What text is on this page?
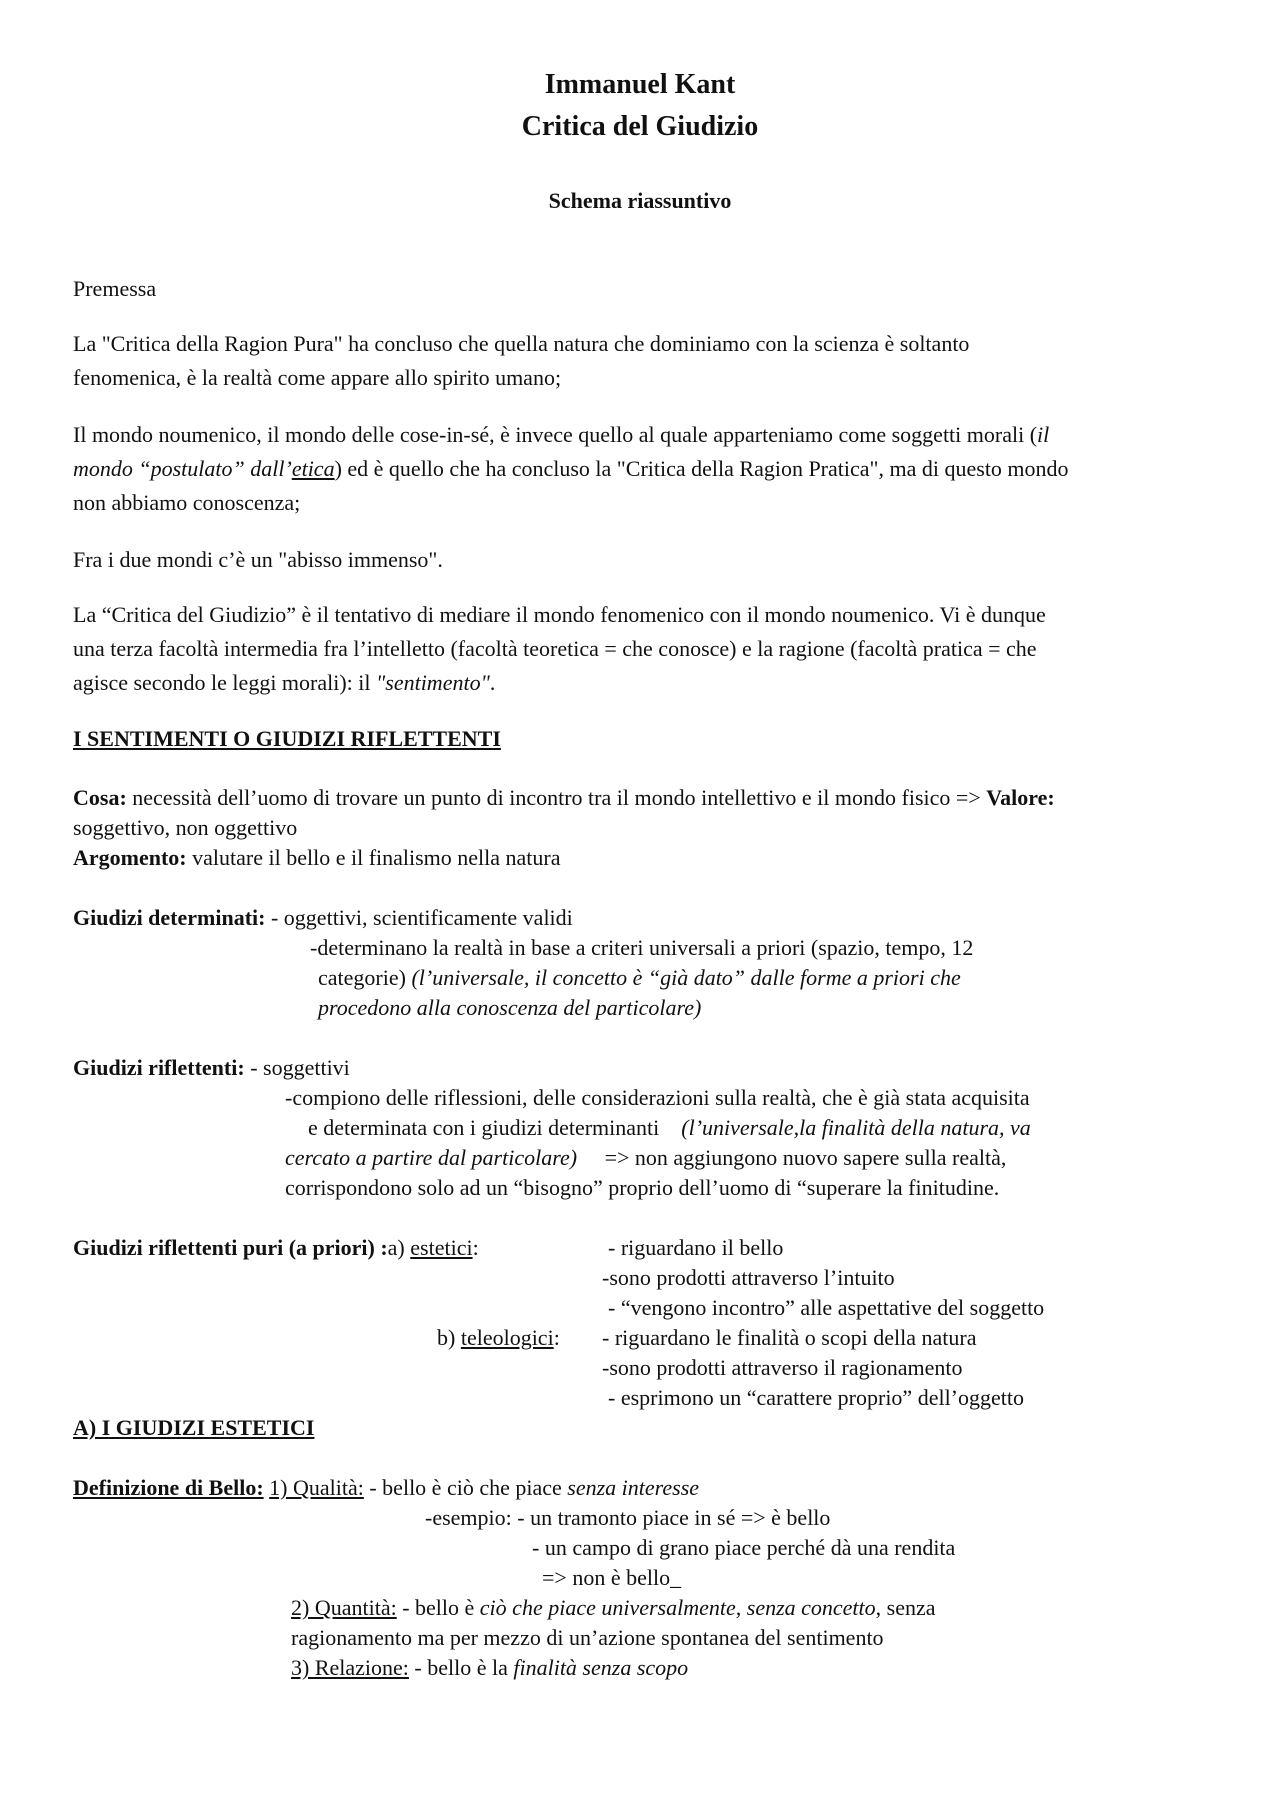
Immanuel Kant
Critica del Giudizio
Schema riassuntivo
Premessa
La "Critica della Ragion Pura" ha concluso che quella natura che dominiamo con la scienza è soltanto
fenomenica, è la realtà come appare allo spirito umano;
Il mondo noumenico, il mondo delle cose-in-sé, è invece quello al quale apparteniamo come soggetti morali (il
mondo “postulato” dall’etica) ed è quello che ha concluso la "Critica della Ragion Pratica", ma di questo mondo
non abbiamo conoscenza;
Fra i due mondi c’è un "abisso immenso".
La “Critica del Giudizio” è il tentativo di mediare il mondo fenomenico con il mondo noumenico. Vi è dunque
una terza facoltà intermedia fra l’intelletto (facoltà teoretica = che conosce) e la ragione (facoltà pratica = che
agisce secondo le leggi morali): il "sentimento".
I SENTIMENTI O GIUDIZI RIFLETTENTI
Cosa: necessità dell’uomo di trovare un punto di incontro tra il mondo intellettivo e il mondo fisico => Valore:
soggettivo, non oggettivo
Argomento: valutare il bello e il finalismo nella natura
Giudizi determinati: - oggettivi, scientificamente validi
-determinano la realtà in base a criteri universali a priori (spazio, tempo, 12
categorie) (l’universale, il concetto è “già dato” dalle forme a priori che
procedono alla conoscenza del particolare)
Giudizi riflettenti: - soggettivi
-compiono delle riflessioni, delle considerazioni sulla realtà, che è già stata acquisita
e determinata con i giudizi determinanti    (l’universale,la finalità della natura, va
cercato a partire dal particolare)     => non aggiungono nuovo sapere sulla realtà,
corrispondono solo ad un “bisogno” proprio dell’uomo di “superare la finitudine.
Giudizi riflettenti puri (a priori) :a) estetici:	- riguardano il bello
-sono prodotti attraverso l’intuito
- “vengono incontro” alle aspettative del soggetto
b) teleologici: - riguardano le finalità o scopi della natura
-sono prodotti attraverso il ragionamento
- esprimono un “carattere proprio” dell’oggetto
A) I GIUDIZI ESTETICI
Definizione di Bello: 1) Qualità: - bello è ciò che piace senza interesse
-esempio: - un tramonto piace in sé => è bello
- un campo di grano piace perché dà una rendita
=> non è bello_
2) Quantità: - bello è ciò che piace universalmente, senza concetto, senza
ragionamento ma per mezzo di un’azione spontanea del sentimento
3) Relazione: - bello è la finalità senza scopo
